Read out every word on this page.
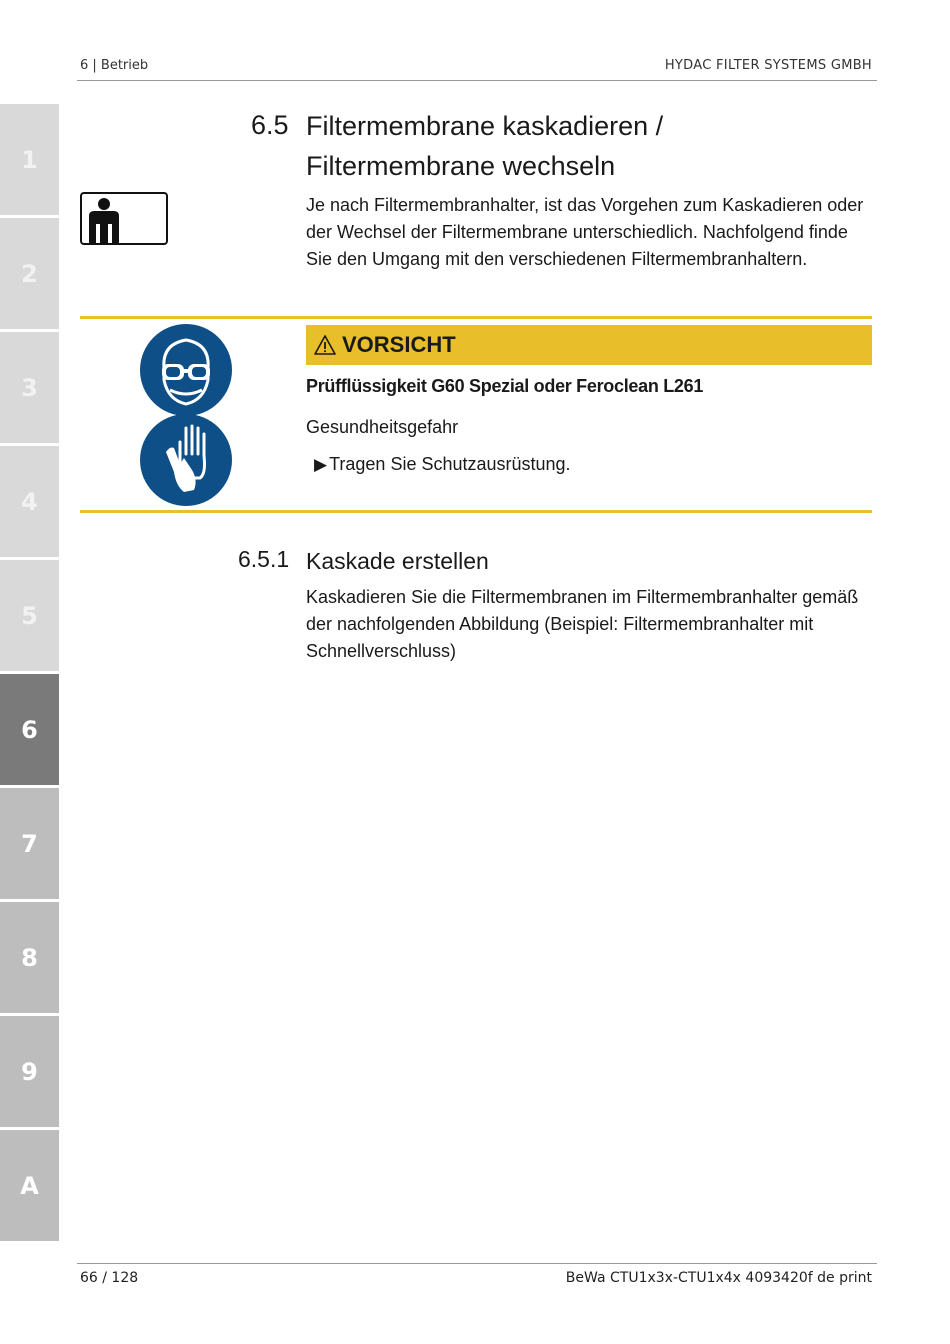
6 | Betrieb	HYDAC FILTER SYSTEMS GMBH
1
2
3
4
5
6
7
8
9
A
6.5 Filtermembrane kaskadieren /
Filtermembrane wechseln
Je nach Filtermembranhalter, ist das Vorgehen zum Kaskadieren oder der Wechsel der Filtermembrane unterschiedlich. Nachfolgend finde Sie den Umgang mit den verschiedenen Filtermembranhaltern.
VORSICHT
Prüfflüssigkeit G60 Spezial oder Feroclean L261
Gesundheitsgefahr
▶ Tragen Sie Schutzausrüstung.
6.5.1 Kaskade erstellen
Kaskadieren Sie die Filtermembranen im Filtermembranhalter gemäß der nachfolgenden Abbildung (Beispiel: Filtermembranhalter mit Schnellverschluss)
66 / 128	BeWa CTU1x3x-CTU1x4x 4093420f de print
